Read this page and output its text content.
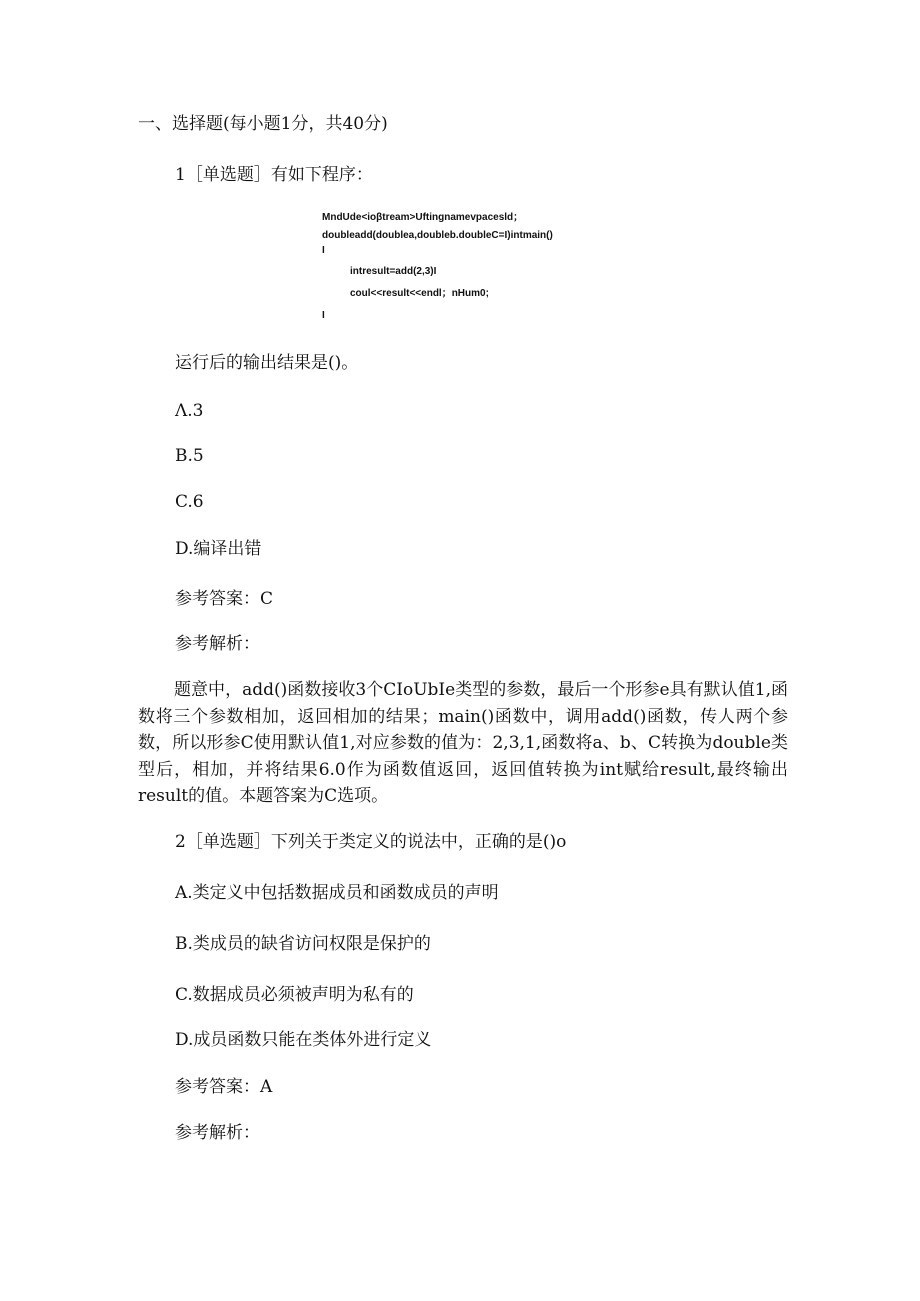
一、选择题(每小题1分，共40分)
1［单选题］有如下程序：
MndUde<ioβtream>Uftingnamevpacesld；
doubleadd(doublea,doubleb.doubleC=I)intmain()
I
intresult=add(2,3)I
coul<<result<<endl；nHum0;
I
运行后的输出结果是()。
Λ.3
B.5
C.6
D.编译出错
参考答案：C
参考解析：
题意中，add()函数接收3个CIoUbIe类型的参数，最后一个形参e具有默认值1,函数将三个参数相加，返回相加的结果；main()函数中，调用add()函数，传人两个参数，所以形参C使用默认值1,对应参数的值为：2,3,1,函数将a、b、C转换为double类型后，相加，并将结果6.0作为函数值返回，返回值转换为int赋给result,最终输出result的值。本题答案为C选项。
2［单选题］下列关于类定义的说法中，正确的是()o
A.类定义中包括数据成员和函数成员的声明
B.类成员的缺省访问权限是保护的
C.数据成员必须被声明为私有的
D.成员函数只能在类体外进行定义
参考答案：A
参考解析：
